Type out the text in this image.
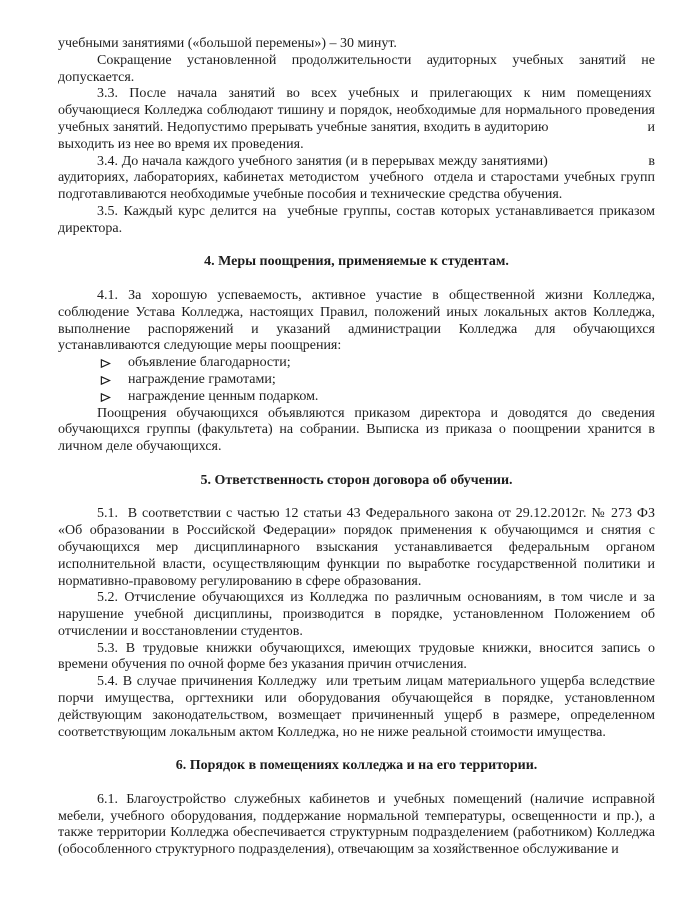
учебными занятиями («большой перемены») – 30 минут.

Сокращение установленной продолжительности аудиторных учебных занятий не допускается.

3.3. После начала занятий во всех учебных и прилегающих к ним помещениях  обучающиеся Колледжа соблюдают тишину и порядок, необходимые для нормального проведения учебных занятий. Недопустимо прерывать учебные занятия, входить в аудиторию                           и выходить из нее во время их проведения.

3.4. До начала каждого учебного занятия (и в перерывах между занятиями)                           в аудиториях, лабораториях, кабинетах методистом  учебного  отдела и старостами учебных групп подготавливаются необходимые учебные пособия и технические средства обучения.

3.5. Каждый курс делится на  учебные группы, состав которых устанавливается приказом директора.

4. Меры поощрения, применяемые к студентам.

4.1. За хорошую успеваемость, активное участие в общественной жизни Колледжа, соблюдение Устава Колледжа, настоящих Правил, положений иных локальных актов Колледжа, выполнение распоряжений и указаний администрации Колледжа для обучающихся устанавливаются следующие меры поощрения:

объявление благодарности;
награждение грамотами;
награждение ценным подарком.

Поощрения обучающихся объявляются приказом директора и доводятся до сведения обучающихся группы (факультета) на собрании. Выписка из приказа о поощрении хранится в личном деле обучающихся.

5. Ответственность сторон договора об обучении.

5.1.  В соответствии с частью 12 статьи 43 Федерального закона от 29.12.2012г. № 273 ФЗ «Об образовании в Российской Федерации» порядок применения к обучающимся и снятия с обучающихся мер дисциплинарного взыскания устанавливается федеральным органом исполнительной власти, осуществляющим функции по выработке государственной политики и нормативно-правовому регулированию в сфере образования.

5.2. Отчисление обучающихся из Колледжа по различным основаниям, в том числе и за нарушение учебной дисциплины, производится в порядке, установленном Положением об отчислении и восстановлении студентов.

5.3. В трудовые книжки обучающихся, имеющих трудовые книжки, вносится запись о времени обучения по очной форме без указания причин отчисления.

5.4. В случае причинения Колледжу  или третьим лицам материального ущерба вследствие порчи имущества, оргтехники или оборудования обучающейся в порядке, установленном действующим законодательством, возмещает причиненный ущерб в размере, определенном соответствующим локальным актом Колледжа, но не ниже реальной стоимости имущества.

6. Порядок в помещениях колледжа и на его территории.

6.1. Благоустройство служебных кабинетов и учебных помещений (наличие исправной мебели, учебного оборудования, поддержание нормальной температуры, освещенности и пр.), а также территории Колледжа обеспечивается структурным подразделением (работником) Колледжа (обособленного структурного подразделения), отвечающим за хозяйственное обслуживание и
